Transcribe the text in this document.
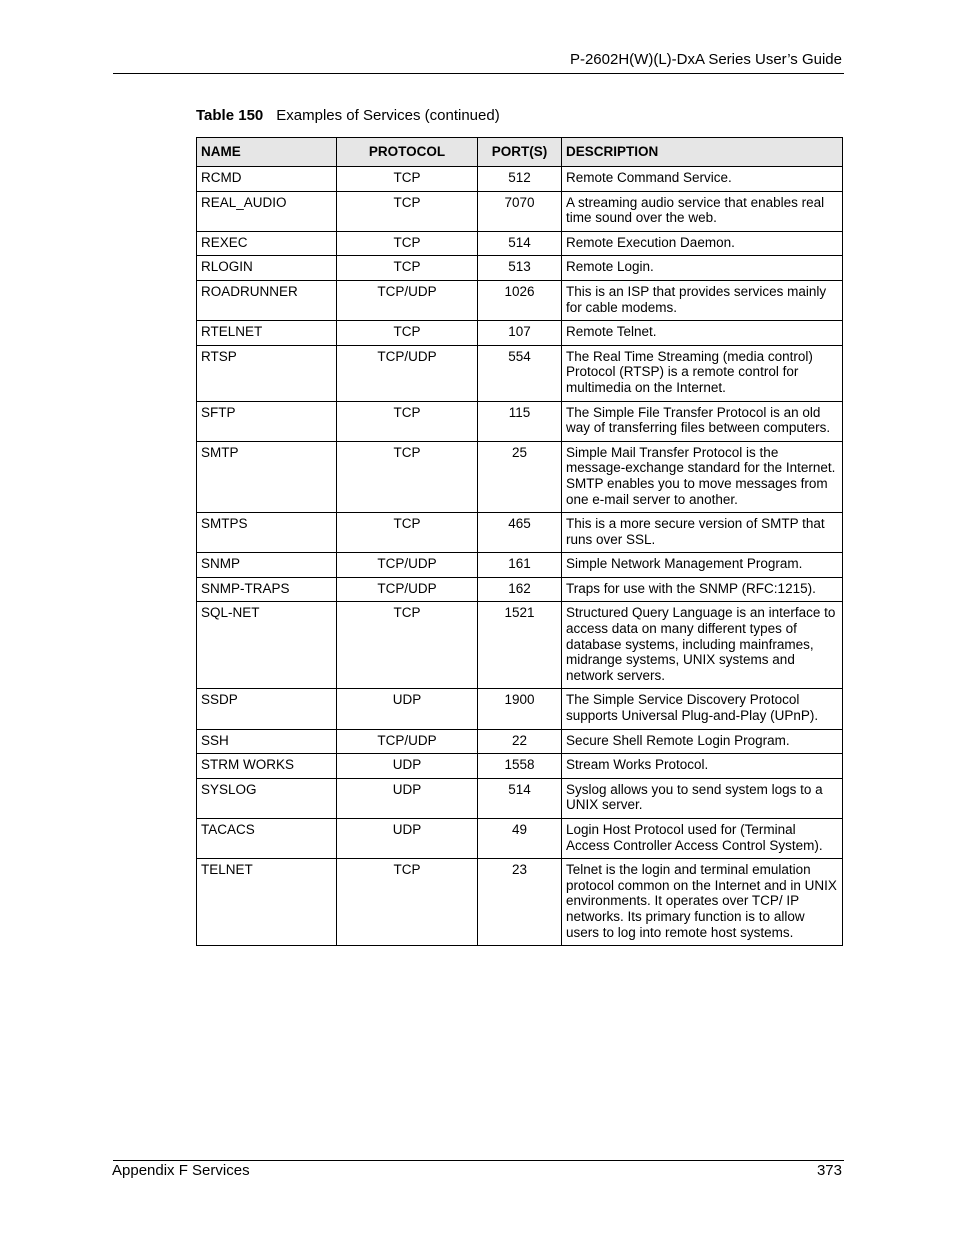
P-2602H(W)(L)-DxA Series User’s Guide
Table 150 Examples of Services (continued)
NAME	PROTOCOL	PORT(S)	DESCRIPTION
RCMD	TCP	512	Remote Command Service.
REAL_AUDIO	TCP	7070	A streaming audio service that enables real time sound over the web.
REXEC	TCP	514	Remote Execution Daemon.
RLOGIN	TCP	513	Remote Login.
ROADRUNNER	TCP/UDP	1026	This is an ISP that provides services mainly for cable modems.
RTELNET	TCP	107	Remote Telnet.
RTSP	TCP/UDP	554	The Real Time Streaming (media control) Protocol (RTSP) is a remote control for multimedia on the Internet.
SFTP	TCP	115	The Simple File Transfer Protocol is an old way of transferring files between computers.
SMTP	TCP	25	Simple Mail Transfer Protocol is the message-exchange standard for the Internet. SMTP enables you to move messages from one e-mail server to another.
SMTPS	TCP	465	This is a more secure version of SMTP that runs over SSL.
SNMP	TCP/UDP	161	Simple Network Management Program.
SNMP-TRAPS	TCP/UDP	162	Traps for use with the SNMP (RFC:1215).
SQL-NET	TCP	1521	Structured Query Language is an interface to access data on many different types of database systems, including mainframes, midrange systems, UNIX systems and network servers.
SSDP	UDP	1900	The Simple Service Discovery Protocol supports Universal Plug-and-Play (UPnP).
SSH	TCP/UDP	22	Secure Shell Remote Login Program.
STRM WORKS	UDP	1558	Stream Works Protocol.
SYSLOG	UDP	514	Syslog allows you to send system logs to a UNIX server.
TACACS	UDP	49	Login Host Protocol used for (Terminal Access Controller Access Control System).
TELNET	TCP	23	Telnet is the login and terminal emulation protocol common on the Internet and in UNIX environments. It operates over TCP/ IP networks. Its primary function is to allow users to log into remote host systems.
Appendix F Services	373
